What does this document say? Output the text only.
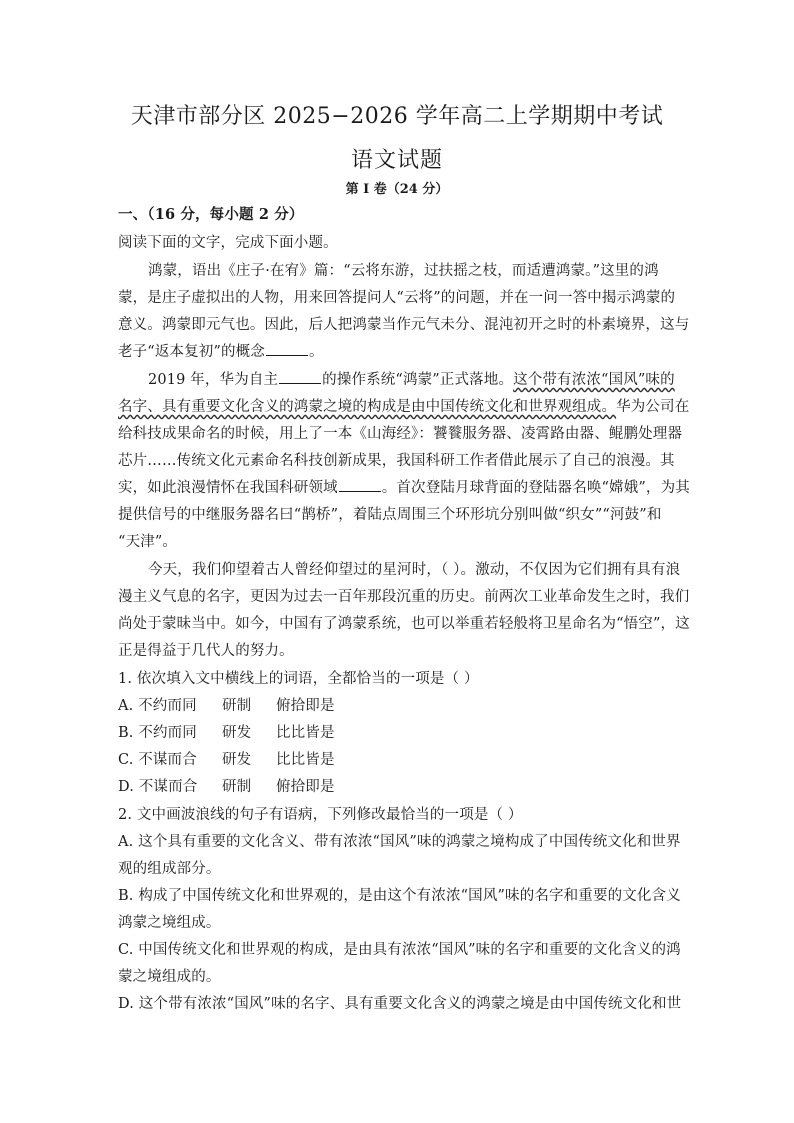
天津市部分区 2025−2026 学年高二上学期期中考试
语文试题
第 I 卷（24 分）
一、（16 分，每小题 2 分）
阅读下面的文字，完成下面小题。
鸿蒙，语出《庄子·在宥》篇：“云将东游，过扶摇之枝，而适遭鸿蒙。”这里的鸿
蒙，是庄子虚拟出的人物，用来回答提问人“云将”的问题，并在一问一答中揭示鸿蒙的
意义。鸿蒙即元气也。因此，后人把鸿蒙当作元气未分、混沌初开之时的朴素境界，这与
老子“返本复初”的概念	。
2019 年，华为自主	的操作系统“鸿蒙”正式落地。这个带有浓浓“国风”味的
名字、具有重要文化含义的鸿蒙之境的构成是由中国传统文化和世界观组成。华为公司在
给科技成果命名的时候，用上了一本《山海经》：饕餮服务器、凌霄路由器、鲲鹏处理器
芯片……传统文化元素命名科技创新成果，我国科研工作者借此展示了自己的浪漫。其
实，如此浪漫情怀在我国科研领域	。首次登陆月球背面的登陆器名唤“嫦娥”，为其
提供信号的中继服务器名曰“鹊桥”，着陆点周围三个环形坑分别叫做“织女”“河鼓”和
“天津”。
今天，我们仰望着古人曾经仰望过的星河时，（ ）。激动，不仅因为它们拥有具有浪
漫主义气息的名字，更因为过去一百年那段沉重的历史。前两次工业革命发生之时，我们
尚处于蒙昧当中。如今，中国有了鸿蒙系统，也可以举重若轻般将卫星命名为“悟空”，这
正是得益于几代人的努力。
1. 依次填入文中横线上的词语，全都恰当的一项是（ ）
A. 不约而同 研制 俯拾即是
B. 不约而同 研发 比比皆是
C. 不谋而合 研发 比比皆是
D. 不谋而合 研制 俯拾即是
2. 文中画波浪线的句子有语病，下列修改最恰当的一项是（ ）
A. 这个具有重要的文化含义、带有浓浓“国风”味的鸿蒙之境构成了中国传统文化和世界
观的组成部分。
B. 构成了中国传统文化和世界观的，是由这个有浓浓“国风”味的名字和重要的文化含义
鸿蒙之境组成。
C. 中国传统文化和世界观的构成，是由具有浓浓“国风”味的名字和重要的文化含义的鸿
蒙之境组成的。
D. 这个带有浓浓“国风”味的名字、具有重要文化含义的鸿蒙之境是由中国传统文化和世
